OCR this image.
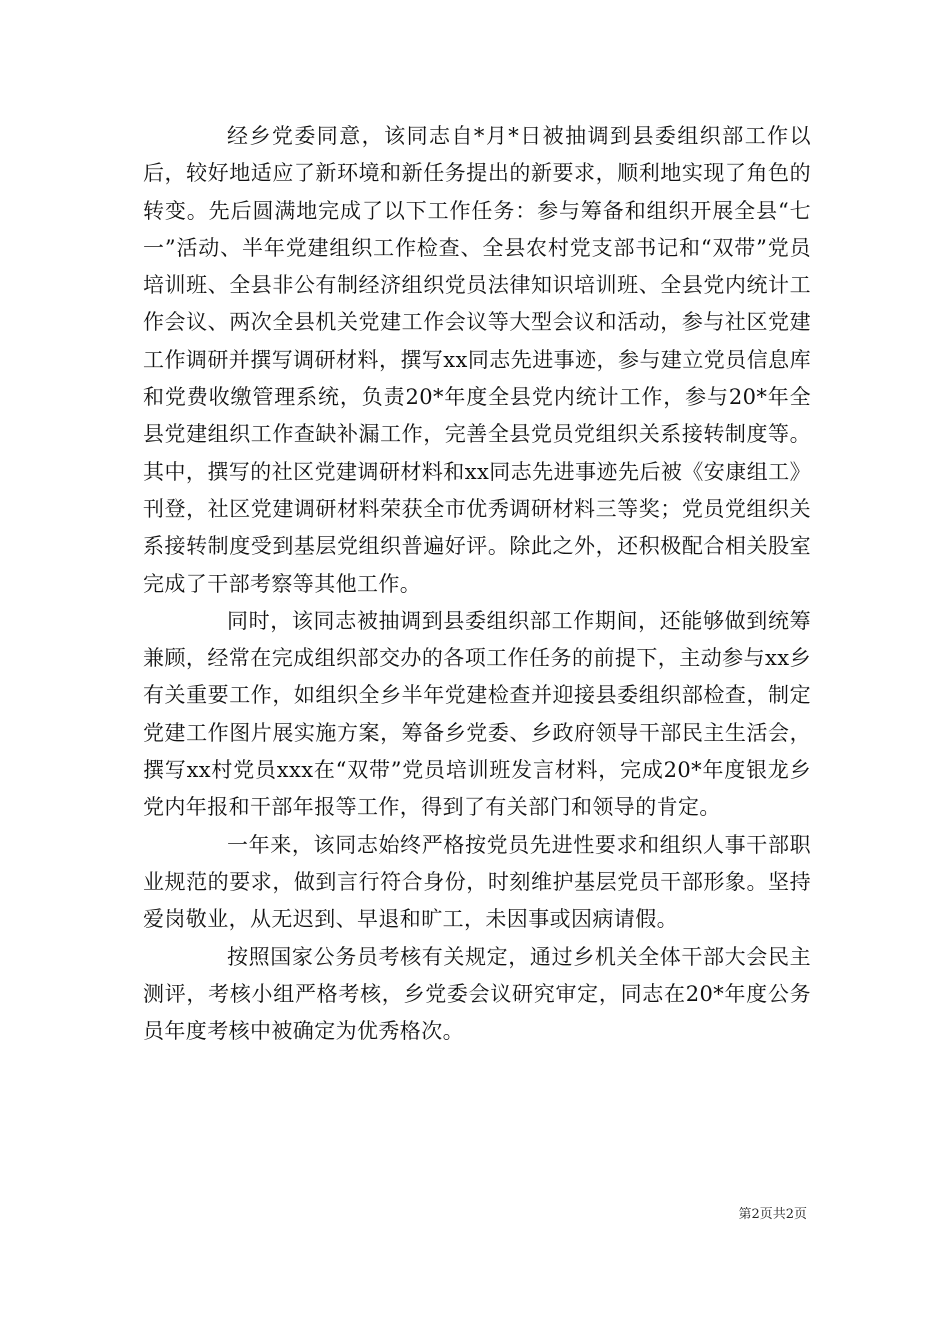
经乡党委同意，该同志自*月*日被抽调到县委组织部工作以后，较好地适应了新环境和新任务提出的新要求，顺利地实现了角色的转变。先后圆满地完成了以下工作任务：参与筹备和组织开展全县“七一”活动、半年党建组织工作检查、全县农村党支部书记和“双带”党员培训班、全县非公有制经济组织党员法律知识培训班、全县党内统计工作会议、两次全县机关党建工作会议等大型会议和活动，参与社区党建工作调研并撰写调研材料，撰写xx同志先进事迹，参与建立党员信息库和党费收缴管理系统，负责20*年度全县党内统计工作，参与20*年全县党建组织工作查缺补漏工作，完善全县党员党组织关系接转制度等。其中，撰写的社区党建调研材料和xx同志先进事迹先后被《安康组工》刊登，社区党建调研材料荣获全市优秀调研材料三等奖；党员党组织关系接转制度受到基层党组织普遍好评。除此之外，还积极配合相关股室完成了干部考察等其他工作。

同时，该同志被抽调到县委组织部工作期间，还能够做到统筹兼顾，经常在完成组织部交办的各项工作任务的前提下，主动参与xx乡有关重要工作，如组织全乡半年党建检查并迎接县委组织部检查，制定党建工作图片展实施方案，筹备乡党委、乡政府领导干部民主生活会，撰写xx村党员xxx在“双带”党员培训班发言材料，完成20*年度银龙乡党内年报和干部年报等工作，得到了有关部门和领导的肯定。

一年来，该同志始终严格按党员先进性要求和组织人事干部职业规范的要求，做到言行符合身份，时刻维护基层党员干部形象。坚持爱岗敬业，从无迟到、早退和旷工，未因事或因病请假。

按照国家公务员考核有关规定，通过乡机关全体干部大会民主测评，考核小组严格考核，乡党委会议研究审定，同志在20*年度公务员年度考核中被确定为优秀格次。

第2页共2页
